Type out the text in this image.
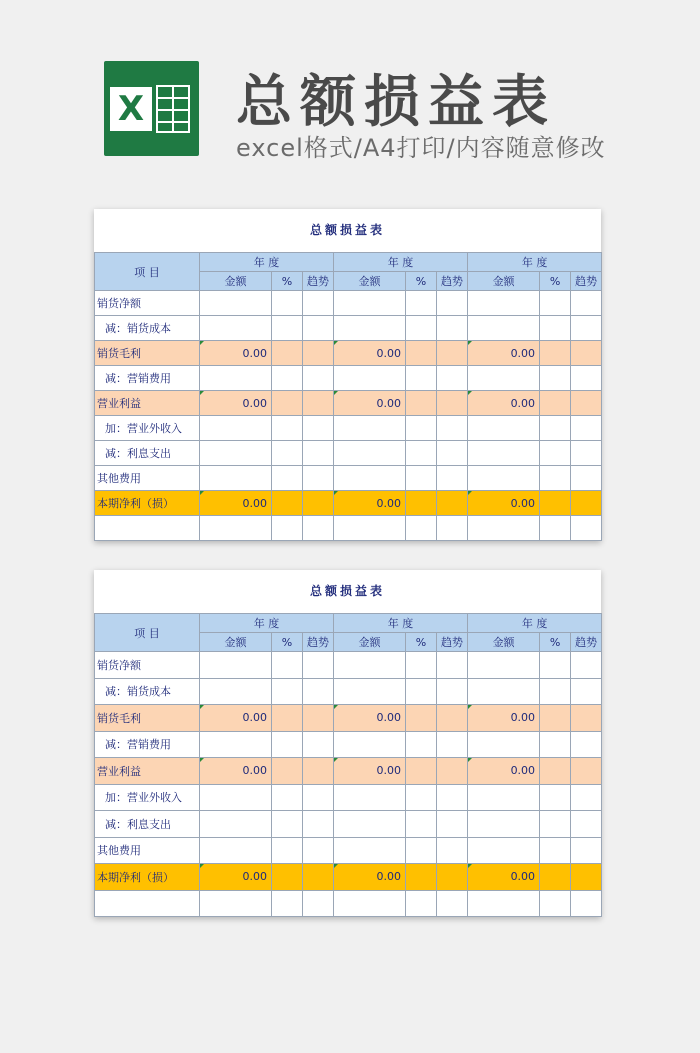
X 总额损益表
excel格式/A4打印/内容随意修改
总额损益表
项 目	年 度			年 度			年 度		
	金额	%	趋势	金额	%	趋势	金额	%	趋势
销货净额									
减：销货成本									
销货毛利	0.00			0.00			0.00		
减：营销费用									
营业利益	0.00			0.00			0.00		
加：营业外收入									
减：利息支出									
其他费用									
本期净利（损）	0.00			0.00			0.00		

总额损益表
项 目	年 度			年 度			年 度		
	金额	%	趋势	金额	%	趋势	金额	%	趋势
销货净额									
减：销货成本									
销货毛利	0.00			0.00			0.00		
减：营销费用									
营业利益	0.00			0.00			0.00		
加：营业外收入									
减：利息支出									
其他费用									
本期净利（损）	0.00			0.00			0.00		
